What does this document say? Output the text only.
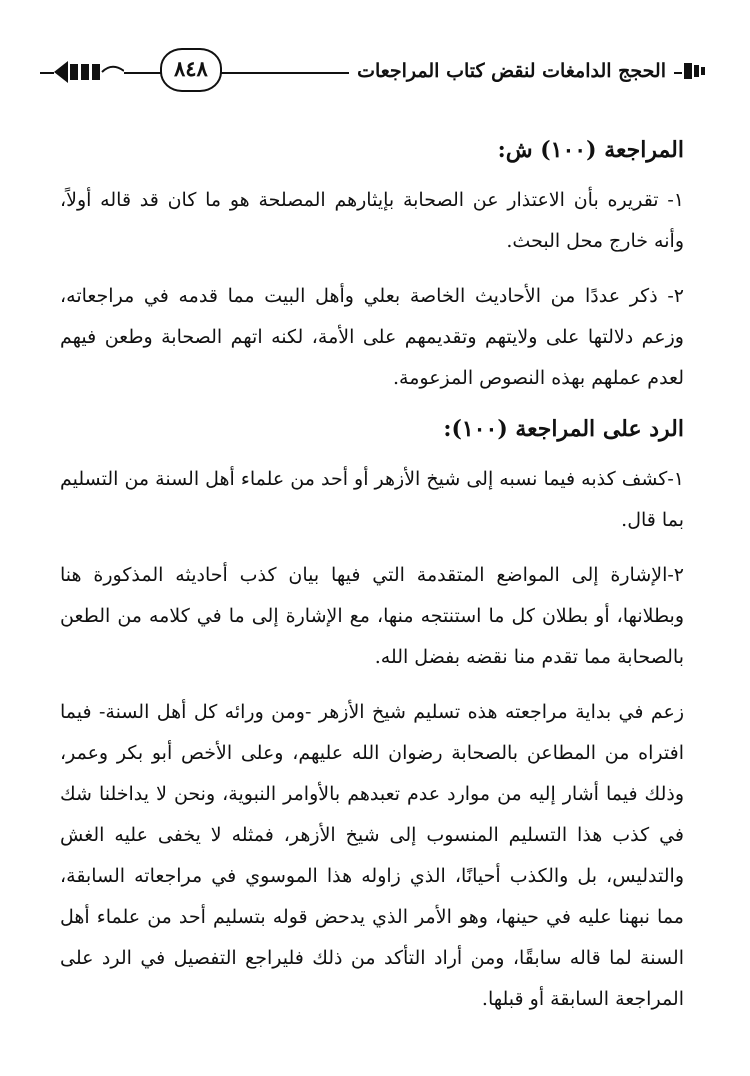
الحجج الدامغات لنقض كتاب المراجعات
٨٤٨
المراجعة (١٠٠) ش:

١- تقريره بأن الاعتذار عن الصحابة بإيثارهم المصلحة هو ما كان قد قاله أولاً، وأنه خارج محل البحث.

٢- ذكر عددًا من الأحاديث الخاصة بعلي وأهل البيت مما قدمه في مراجعاته، وزعم دلالتها على ولايتهم وتقديمهم على الأمة، لكنه اتهم الصحابة وطعن فيهم لعدم عملهم بهذه النصوص المزعومة.

الرد على المراجعة (١٠٠):

١-كشف كذبه فيما نسبه إلى شيخ الأزهر أو أحد من علماء أهل السنة من التسليم بما قال.

٢-الإشارة إلى المواضع المتقدمة التي فيها بيان كذب أحاديثه المذكورة هنا وبطلانها، أو بطلان كل ما استنتجه منها، مع الإشارة إلى ما في كلامه من الطعن بالصحابة مما تقدم منا نقضه بفضل الله.

زعم في بداية مراجعته هذه تسليم شيخ الأزهر -ومن ورائه كل أهل السنة- فيما افتراه من المطاعن بالصحابة رضوان الله عليهم، وعلى الأخص أبو بكر وعمر، وذلك فيما أشار إليه من موارد عدم تعبدهم بالأوامر النبوية، ونحن لا يداخلنا شك في كذب هذا التسليم المنسوب إلى شيخ الأزهر، فمثله لا يخفى عليه الغش والتدليس، بل والكذب أحيانًا، الذي زاوله هذا الموسوي في مراجعاته السابقة، مما نبهنا عليه في حينها، وهو الأمر الذي يدحض قوله بتسليم أحد من علماء أهل السنة لما قاله سابقًا، ومن أراد التأكد من ذلك فليراجع التفصيل في الرد على المراجعة السابقة أو قبلها.
